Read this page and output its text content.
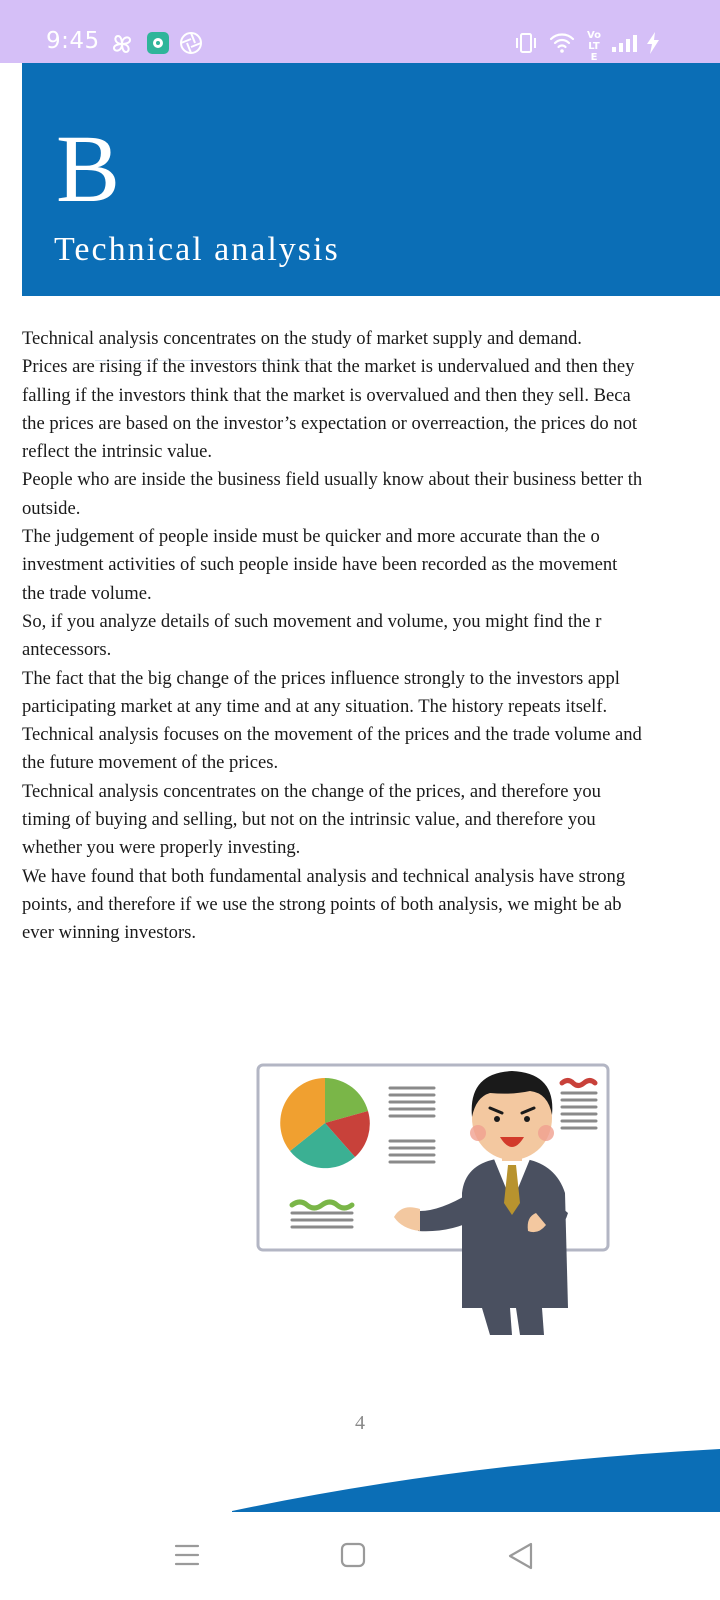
9:45	Vo LTE
B
Technical analysis
Technical analysis concentrates on the study of market supply and demand.
Prices are rising if the investors think that the market is undervalued and then they
falling if the investors think that the market is overvalued and then they sell. Beca
the prices are based on the investor’s expectation or overreaction, the prices do not
reflect the intrinsic value.
People who are inside the business field usually know about their business better th
outside.
The judgement of people inside must be quicker and more accurate than the o
investment activities of such people inside have been recorded as the movement
the trade volume.
So, if you analyze details of such movement and volume, you might find the r
antecessors.
The fact that the big change of the prices influence strongly to the investors appl
participating market at any time and at any situation. The history repeats itself.
Technical analysis focuses on the movement of the prices and the trade volume and
the future movement of the prices.
Technical analysis concentrates on the change of the prices, and therefore you
timing of buying and selling, but not on the intrinsic value, and therefore you
whether you were properly investing.
We have found that both fundamental analysis and technical analysis have strong
points, and therefore if we use the strong points of both analysis, we might be ab
ever winning investors.
4
